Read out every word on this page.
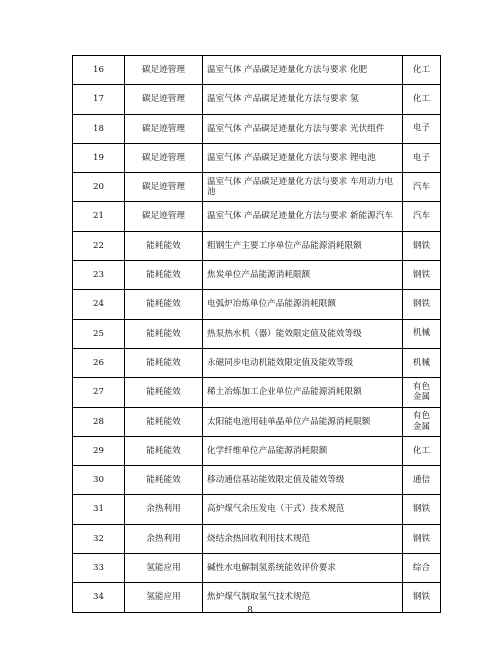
16	碳足迹管理	温室气体 产品碳足迹量化方法与要求 化肥	化工
17	碳足迹管理	温室气体 产品碳足迹量化方法与要求 氢	化工
18	碳足迹管理	温室气体 产品碳足迹量化方法与要求 光伏组件	电子
19	碳足迹管理	温室气体 产品碳足迹量化方法与要求 锂电池	电子
20	碳足迹管理	温室气体 产品碳足迹量化方法与要求 车用动力电池	汽车
21	碳足迹管理	温室气体 产品碳足迹量化方法与要求 新能源汽车	汽车
22	能耗能效	粗钢生产主要工序单位产品能源消耗限额	钢铁
23	能耗能效	焦炭单位产品能源消耗限额	钢铁
24	能耗能效	电弧炉冶炼单位产品能源消耗限额	钢铁
25	能耗能效	热泵热水机（器）能效限定值及能效等级	机械
26	能耗能效	永磁同步电动机能效限定值及能效等级	机械
27	能耗能效	稀土冶炼加工企业单位产品能源消耗限额	有色金属
28	能耗能效	太阳能电池用硅单晶单位产品能源消耗限额	有色金属
29	能耗能效	化学纤维单位产品能源消耗限额	化工
30	能耗能效	移动通信基站能效限定值及能效等级	通信
31	余热利用	高炉煤气余压发电（干式）技术规范	钢铁
32	余热利用	烧结余热回收利用技术规范	钢铁
33	氢能应用	碱性水电解制氢系统能效评价要求	综合
34	氢能应用	焦炉煤气制取氢气技术规范	钢铁
8
